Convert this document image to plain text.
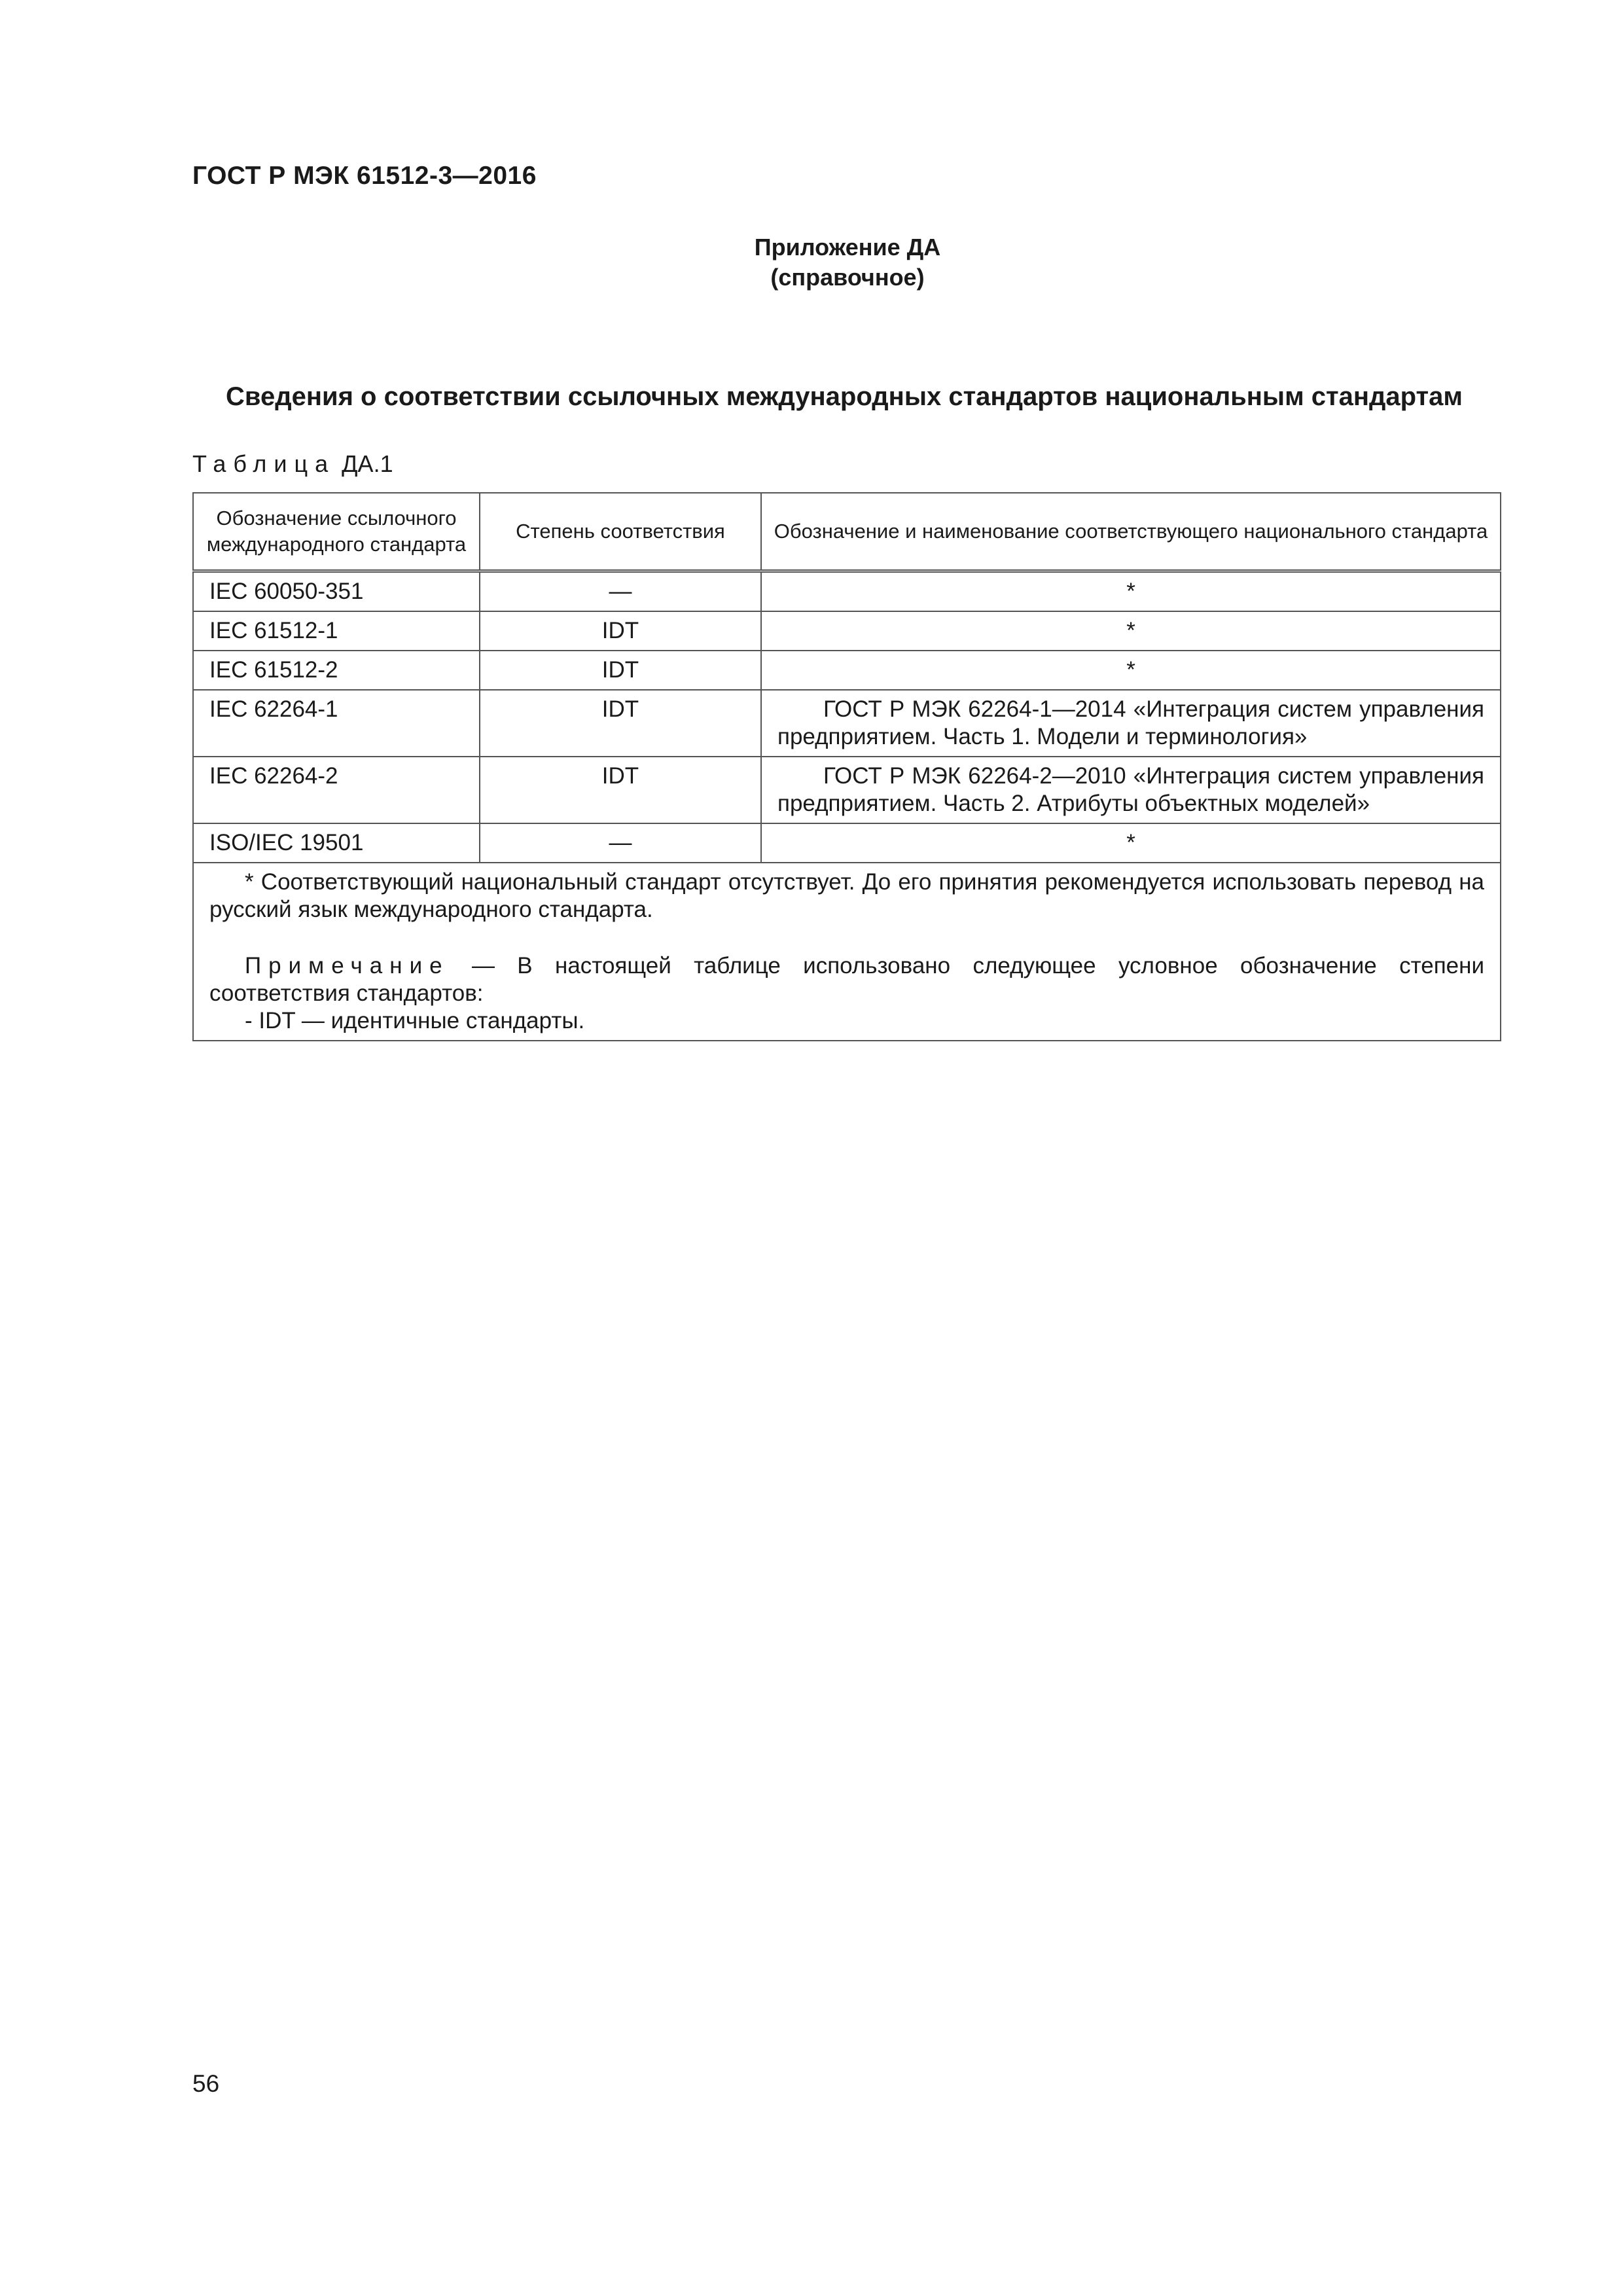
ГОСТ Р МЭК 61512-3—2016
Приложение ДА
(справочное)
Сведения о соответствии ссылочных международных стандартов национальным стандартам
Таблица ДА.1
Обозначение ссылочного международного стандарта	Степень соответствия	Обозначение и наименование соответствующего национального стандарта
IEC 60050-351	—	*
IEC 61512-1	IDT	*
IEC 61512-2	IDT	*
IEC 62264-1	IDT	ГОСТ Р МЭК 62264-1—2014 «Интеграция систем управления предприятием. Часть 1. Модели и терминология»
IEC 62264-2	IDT	ГОСТ Р МЭК 62264-2—2010 «Интеграция систем управления предприятием. Часть 2. Атрибуты объектных моделей»
ISO/IEC 19501	—	*

* Соответствующий национальный стандарт отсутствует. До его принятия рекомендуется использовать перевод на русский язык международного стандарта.

Примечание — В настоящей таблице использовано следующее условное обозначение степени соответствия стандартов:

- IDT — идентичные стандарты.		

56
